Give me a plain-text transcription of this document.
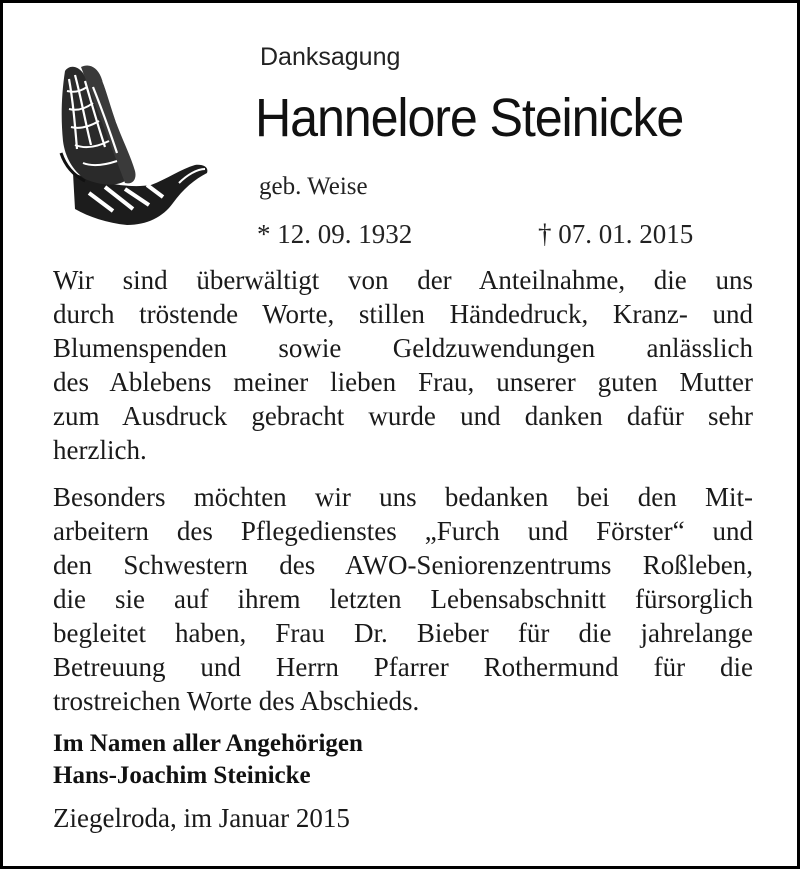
Danksagung
Hannelore Steinicke
geb. Weise
* 12. 09. 1932	† 07. 01. 2015

Wir sind überwältigt von der Anteilnahme, die uns
durch tröstende Worte, stillen Händedruck, Kranz- und
Blumenspenden sowie Geldzuwendungen anlässlich
des Ablebens meiner lieben Frau, unserer guten Mutter
zum Ausdruck gebracht wurde und danken dafür sehr
herzlich.

Besonders möchten wir uns bedanken bei den Mit-
arbeitern des Pflegedienstes „Furch und Förster“ und
den Schwestern des AWO-Seniorenzentrums Roßleben,
die sie auf ihrem letzten Lebensabschnitt fürsorglich
begleitet haben, Frau Dr. Bieber für die jahrelange
Betreuung und Herrn Pfarrer Rothermund für die
trostreichen Worte des Abschieds.

Im Namen aller Angehörigen
Hans-Joachim Steinicke
Ziegelroda, im Januar 2015
